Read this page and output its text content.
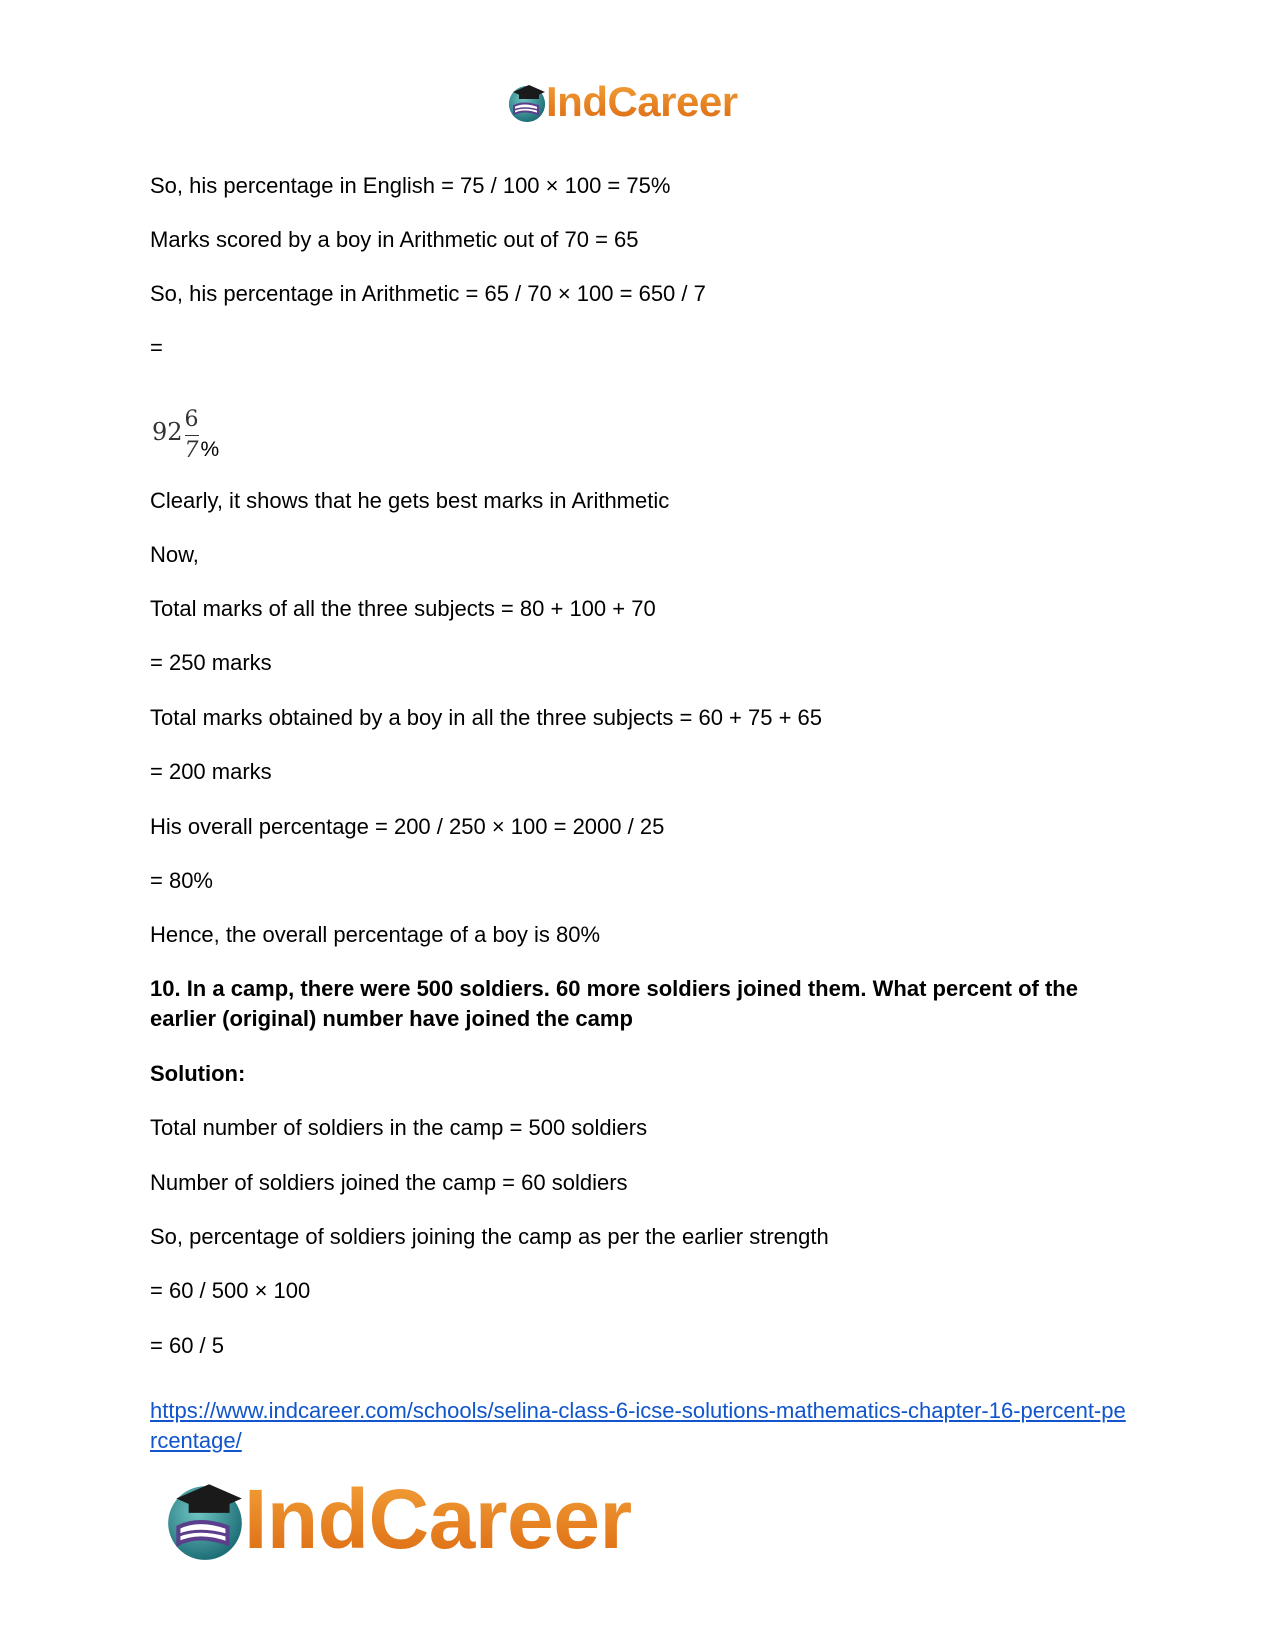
IndCareer

So, his percentage in English = 75 / 100 × 100 = 75%

Marks scored by a boy in Arithmetic out of 70 = 65

So, his percentage in Arithmetic = 65 / 70 × 100 = 650 / 7

=

$92 \frac{6}{7}$ %

Clearly, it shows that he gets best marks in Arithmetic

Now,

Total marks of all the three subjects = 80 + 100 + 70

= 250 marks

Total marks obtained by a boy in all the three subjects = 60 + 75 + 65

= 200 marks

His overall percentage = 200 / 250 × 100 = 2000 / 25

= 80%

Hence, the overall percentage of a boy is 80%

10. In a camp, there were 500 soldiers. 60 more soldiers joined them. What percent of the earlier (original) number have joined the camp

Solution:

Total number of soldiers in the camp = 500 soldiers

Number of soldiers joined the camp = 60 soldiers

So, percentage of soldiers joining the camp as per the earlier strength

= 60 / 500 × 100

= 60 / 5

https://www.indcareer.com/schools/selina-class-6-icse-solutions-mathematics-chapter-16-percent-percentage/
IndCareer
